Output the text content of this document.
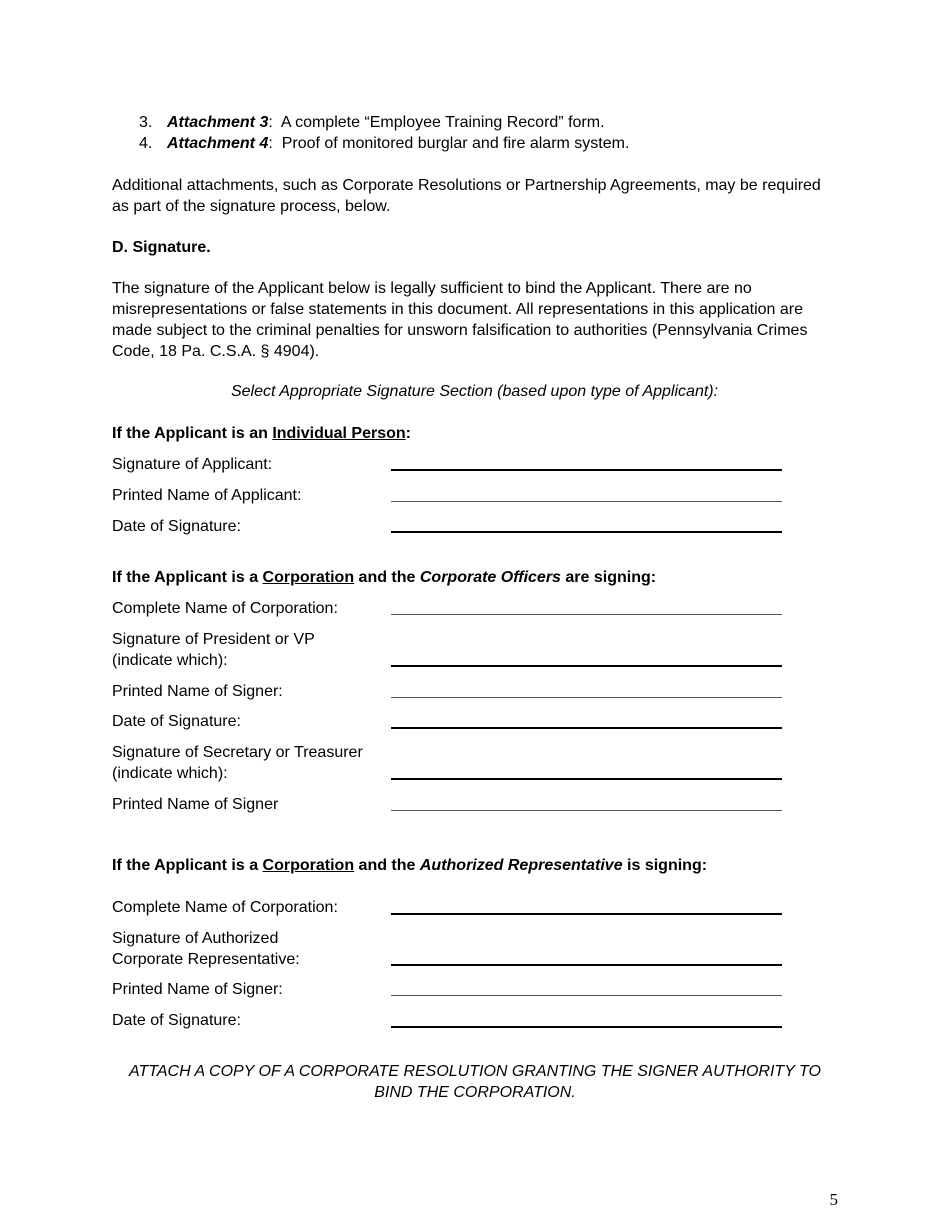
3. Attachment 3: A complete “Employee Training Record” form.
4. Attachment 4: Proof of monitored burglar and fire alarm system.
Additional attachments, such as Corporate Resolutions or Partnership Agreements, may be required as part of the signature process, below.
D. Signature.
The signature of the Applicant below is legally sufficient to bind the Applicant. There are no misrepresentations or false statements in this document. All representations in this application are made subject to the criminal penalties for unsworn falsification to authorities (Pennsylvania Crimes Code, 18 Pa. C.S.A. § 4904).
Select Appropriate Signature Section (based upon type of Applicant):
If the Applicant is an Individual Person:
Signature of Applicant:
Printed Name of Applicant:
Date of Signature:
If the Applicant is a Corporation and the Corporate Officers are signing:
Complete Name of Corporation:
Signature of President or VP (indicate which):
Printed Name of Signer:
Date of Signature:
Signature of Secretary or Treasurer (indicate which):
Printed Name of Signer
If the Applicant is a Corporation and the Authorized Representative is signing:
Complete Name of Corporation:
Signature of Authorized Corporate Representative:
Printed Name of Signer:
Date of Signature:
ATTACH A COPY OF A CORPORATE RESOLUTION GRANTING THE SIGNER AUTHORITY TO BIND THE CORPORATION.
5
